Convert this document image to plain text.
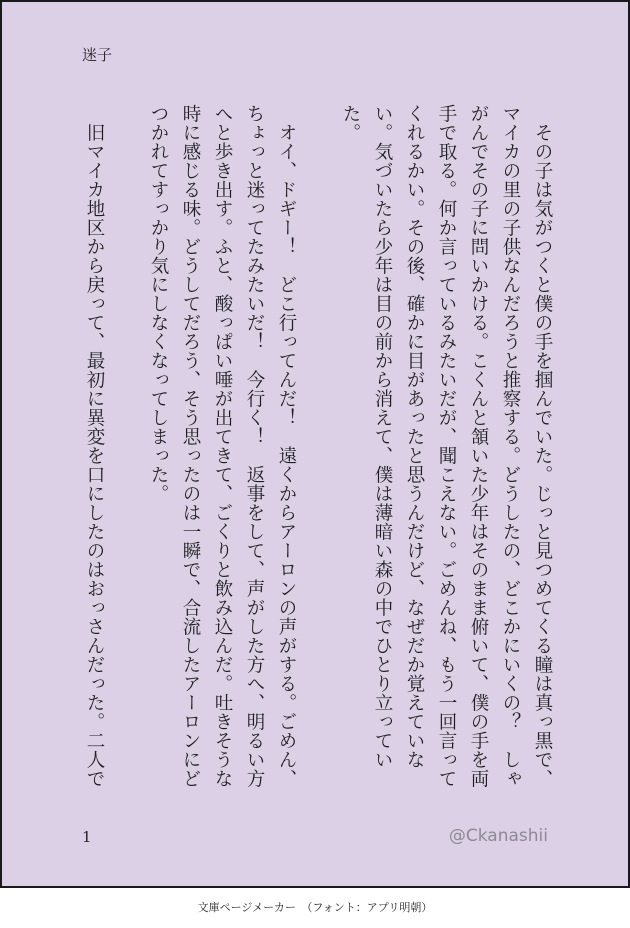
迷子

その子は気がつくと僕の手を掴んでいた。じっと見つめてくる瞳は真っ黒で、マイカの里の子供なんだろうと推察する。どうしたの、どこかにいくの？　しゃがんでその子に問いかける。こくんと頷いた少年はそのまま俯いて、僕の手を両手で取る。何か言っているみたいだが、聞こえない。ごめんね、もう一回言ってくれるかい。その後、確かに目があったと思うんだけど、なぜだか覚えていない。気づいたら少年は目の前から消えて、僕は薄暗い森の中でひとり立っていた。

オイ、ドギー！　どこ行ってんだ！　遠くからアーロンの声がする。ごめん、ちょっと迷ってたみたいだ！　今行く！　返事をして、声がした方へ、明るい方へと歩き出す。ふと、酸っぱい唾が出てきて、ごくりと飲み込んだ。吐きそうな時に感じる味。どうしてだろう、そう思ったのは一瞬で、合流したアーロンにどつかれてすっかり気にしなくなってしまった。

旧マイカ地区から戻って、最初に異変を口にしたのはおっさんだった。二人で

1	@Ckanashii
文庫ページメーカー　（フォント：アプリ明朝）
